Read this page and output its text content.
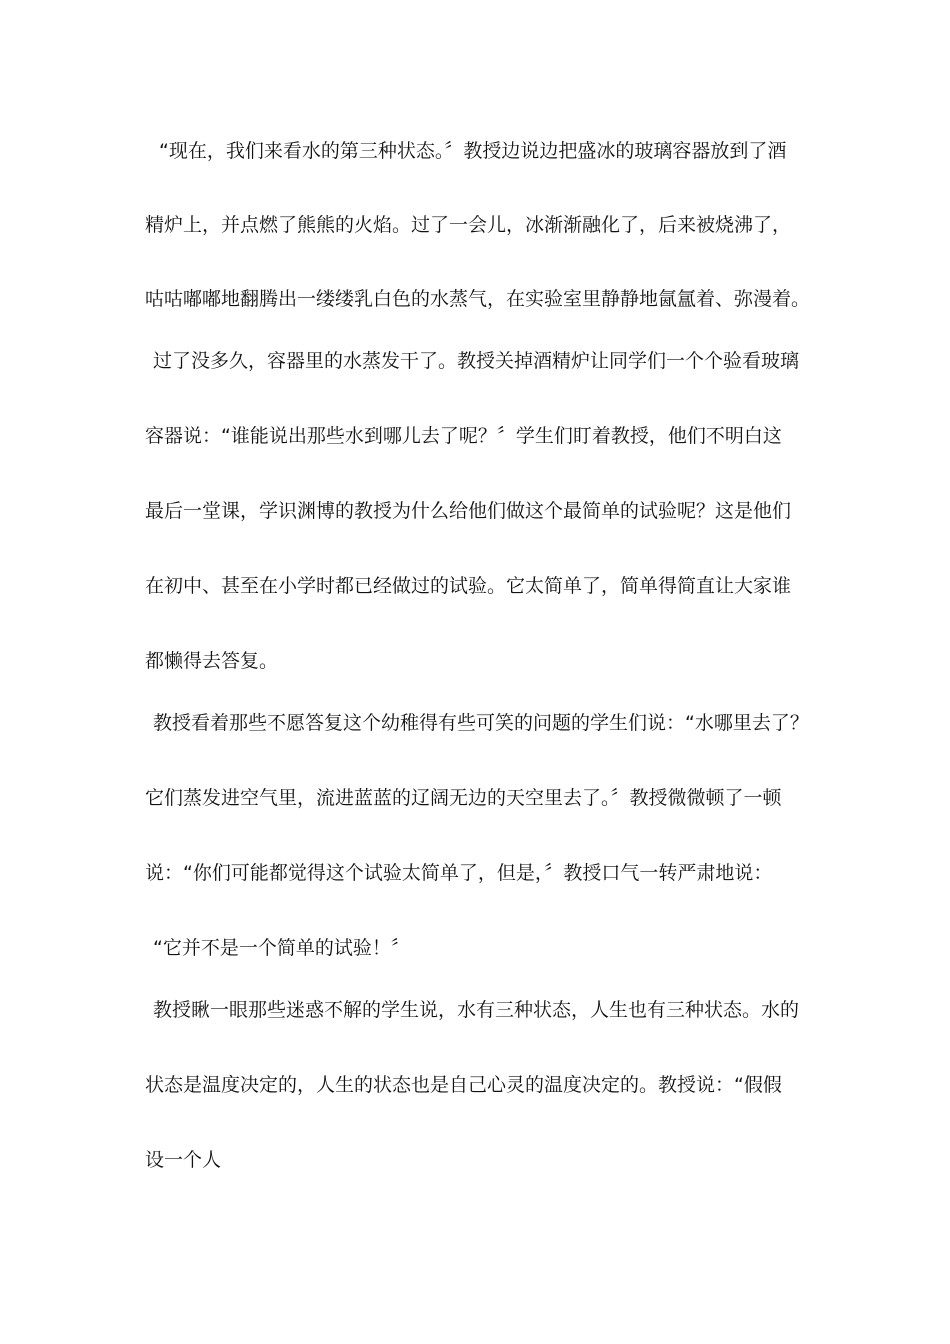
“现在，我们来看水的第三种状态。〞教授边说边把盛冰的玻璃容器放到了酒
精炉上，并点燃了熊熊的火焰。过了一会儿，冰渐渐融化了，后来被烧沸了，
咕咕嘟嘟地翻腾出一缕缕乳白色的水蒸气，在实验室里静静地氤氲着、弥漫着。
过了没多久，容器里的水蒸发干了。教授关掉酒精炉让同学们一个个验看玻璃
容器说：“谁能说出那些水到哪儿去了呢？〞学生们盯着教授，他们不明白这
最后一堂课，学识渊博的教授为什么给他们做这个最简单的试验呢？这是他们
在初中、甚至在小学时都已经做过的试验。它太简单了，简单得简直让大家谁
都懒得去答复。
教授看着那些不愿答复这个幼稚得有些可笑的问题的学生们说：“水哪里去了？
它们蒸发进空气里，流进蓝蓝的辽阔无边的天空里去了。〞教授微微顿了一顿
说：“你们可能都觉得这个试验太简单了，但是，〞教授口气一转严肃地说：
“它并不是一个简单的试验！〞
教授瞅一眼那些迷惑不解的学生说，水有三种状态，人生也有三种状态。水的
状态是温度决定的，人生的状态也是自己心灵的温度决定的。教授说：“假假
设一个人
